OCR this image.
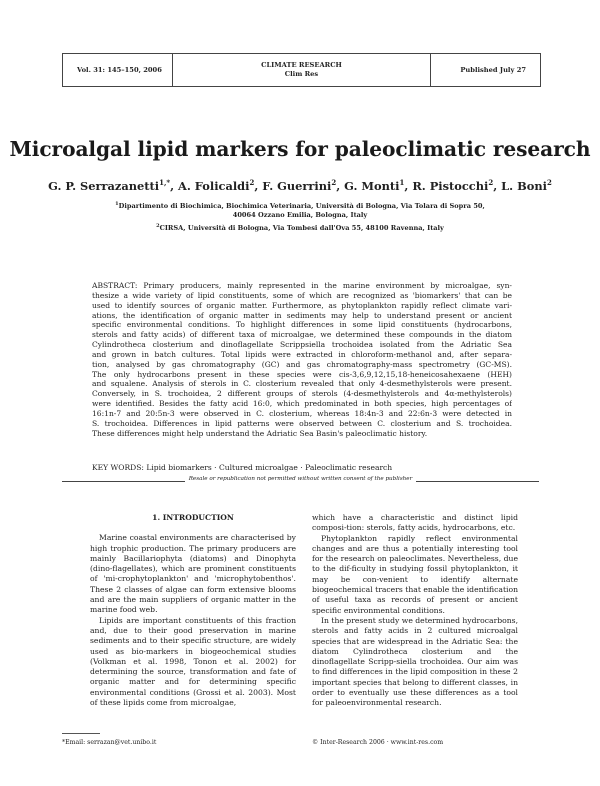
Vol. 31: 145–150, 2006
CLIMATE RESEARCH
Clim Res	Published July 27
Microalgal lipid markers for paleoclimatic research
G. P. Serrazanetti$^{1,*}$, A. Folicaldi$^2$, F. Guerrini$^2$, G. Monti$^1$, R. Pistocchi$^2$, L. Boni$^2$
$^1$Dipartimento di Biochimica, Biochimica Veterinaria, Università di Bologna, Via Tolara di Sopra 50,
40064 Ozzano Emilia, Bologna, Italy
$^2$CIRSA, Università di Bologna, Via Tombesi dall'Ova 55, 48100 Ravenna, Italy
ABSTRACT: Primary producers, mainly represented in the marine environment by microalgae, syn-
thesize a wide variety of lipid constituents, some of which are recognized as 'biomarkers' that can be
used to identify sources of organic matter. Furthermore, as phytoplankton rapidly reflect climate vari-
ations, the identification of organic matter in sediments may help to understand present or ancient
specific environmental conditions. To highlight differences in some lipid constituents (hydrocarbons,
sterols and fatty acids) of different taxa of microalgae, we determined these compounds in the diatom
Cylindrotheca closterium and dinoflagellate Scrippsiella trochoidea isolated from the Adriatic Sea
and grown in batch cultures. Total lipids were extracted in chloroform-methanol and, after separa-
tion, analysed by gas chromatography (GC) and gas chromatography-mass spectrometry (GC-MS).
The only hydrocarbons present in these species were cis-3,6,9,12,15,18-heneicosahexaene (HEH)
and squalene. Analysis of sterols in C. closterium revealed that only 4-desmethylsterols were present.
Conversely, in S. trochoidea, 2 different groups of sterols (4-desmethylsterols and 4α-methylsterols)
were identified. Besides the fatty acid 16:0, which predominated in both species, high percentages of
16:1n-7 and 20:5n-3 were observed in C. closterium, whereas 18:4n-3 and 22:6n-3 were detected in
S. trochoidea. Differences in lipid patterns were observed between C. closterium and S. trochoidea.
These differences might help understand the Adriatic Sea Basin's paleoclimatic history.
KEY WORDS: Lipid biomarkers · Cultured microalgae · Paleoclimatic research
Resale or republication not permitted without written consent of the publisher
1. INTRODUCTION

Marine coastal environments are characterised by high trophic production. The primary producers are mainly Bacillariophyta (diatoms) and Dinophyta (dino-flagellates), which are prominent constituents of 'mi-crophytoplankton' and 'microphytobenthos'. These 2 classes of algae can form extensive blooms and are the main suppliers of organic matter in the marine food web.

Lipids are important constituents of this fraction and, due to their good preservation in marine sediments and to their specific structure, are widely used as bio-markers in biogeochemical studies (Volkman et al. 1998, Tonon et al. 2002) for determining the source, transformation and fate of organic matter and for determining specific environmental conditions (Grossi et al. 2003). Most of these lipids come from microalgae,

which have a characteristic and distinct lipid composi-tion: sterols, fatty acids, hydrocarbons, etc.

Phytoplankton rapidly reflect environmental changes and are thus a potentially interesting tool for the research on paleoclimates. Nevertheless, due to the dif-ficulty in studying fossil phytoplankton, it may be con-venient to identify alternate biogeochemical tracers that enable the identification of useful taxa as records of present or ancient specific environmental conditions.

In the present study we determined hydrocarbons, sterols and fatty acids in 2 cultured microalgal species that are widespread in the Adriatic Sea: the diatom Cylindrotheca closterium and the dinoflagellate Scripp-siella trochoidea. Our aim was to find differences in the lipid composition in these 2 important species that belong to different classes, in order to eventually use these differences as a tool for paleoenvironmental research.

*Email: serrazan@vet.unibo.it	© Inter-Research 2006 · www.int-res.com
